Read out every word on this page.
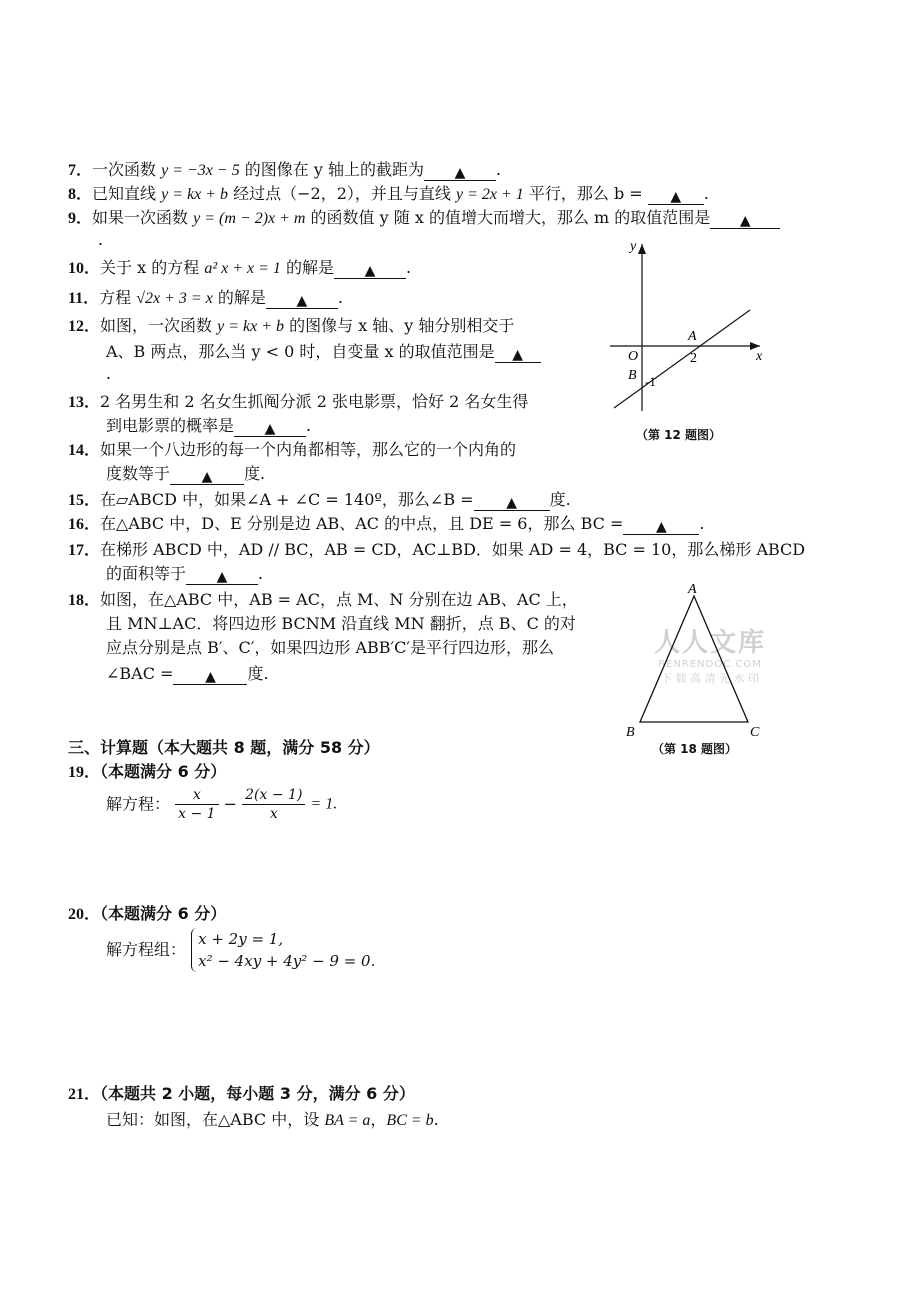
7．一次函数 y = −3x − 5 的图像在 y 轴上的截距为 ▲ .
8．已知直线 y = kx + b 经过点（−2，2），并且与直线 y = 2x + 1 平行，那么 b = ▲ .
9．如果一次函数 y = (m − 2)x + m 的函数值 y 随 x 的值增大而增大，那么 m 的取值范围是 ▲
.
10．关于 x 的方程 a² x + x = 1 的解是 ▲ .
11．方程 √2x + 3 = x 的解是 ▲ .
12．如图，一次函数 y = kx + b 的图像与 x 轴、y 轴分别相交于
A、B 两点，那么当 y < 0 时，自变量 x 的取值范围是 ▲
.
13．2 名男生和 2 名女生抓阄分派 2 张电影票，恰好 2 名女生得
到电影票的概率是 ▲ .
14．如果一个八边形的每一个内角都相等，那么它的一个内角的
度数等于 ▲ 度.
15．在▱ABCD 中，如果∠A + ∠C = 140º，那么∠B = ▲ 度.
16．在△ABC 中，D、E 分别是边 AB、AC 的中点，且 DE = 6，那么 BC = ▲ .
17．在梯形 ABCD 中，AD // BC，AB = CD，AC⊥BD．如果 AD = 4，BC = 10，那么梯形 ABCD
的面积等于 ▲ .
18．如图，在△ABC 中，AB = AC，点 M、N 分别在边 AB、AC 上，
且 MN⊥AC．将四边形 BCNM 沿直线 MN 翻折，点 B、C 的对
应点分别是点 B′、C′，如果四边形 ABB′C′是平行四边形，那么
∠BAC = ▲ 度.
y
x
O
A
2
B -1
（第 12 题图）
人人文库
RENRENDOC.COM
下 载 高 清 无 水 印
A
B	C
（第 18 题图）
三、计算题（本大题共 8 题，满分 58 分）
19．（本题满分 6 分）
解方程： $\frac{x}{x - 1} - \frac{2(x - 1)}{x} = 1$.
20．（本题满分 6 分）
解方程组：
x + 2y = 1,
x² − 4xy + 4y² − 9 = 0.
21．（本题共 2 小题，每小题 3 分，满分 6 分）
已知：如图，在△ABC 中，设 BA = a，BC = b.
